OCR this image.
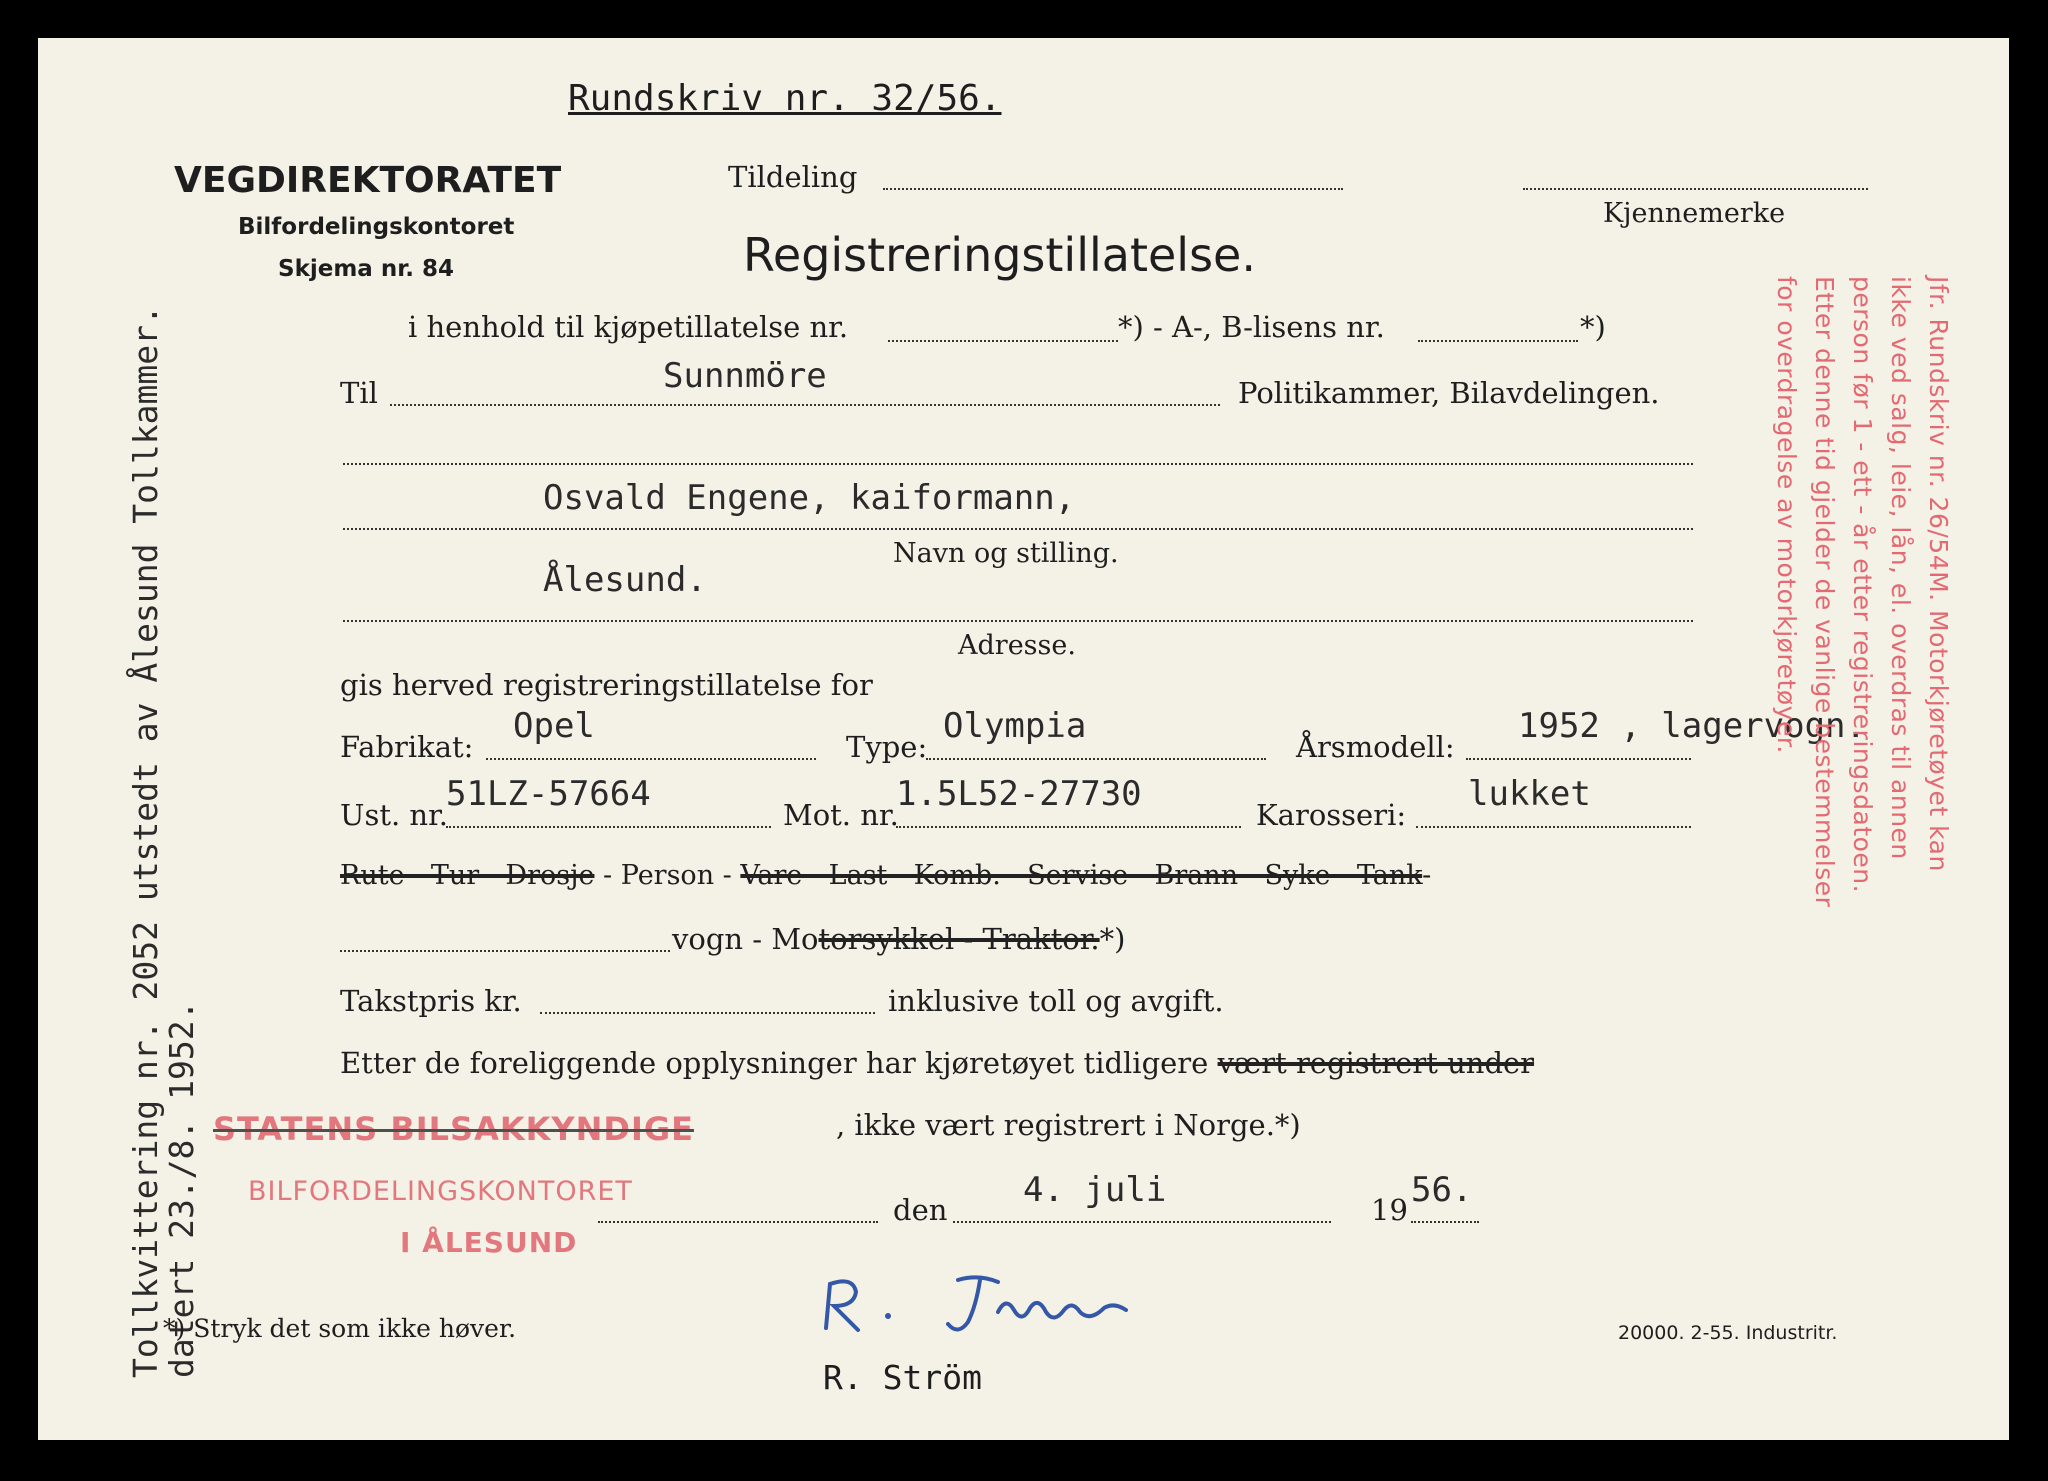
Tollkvittering nr. 2052 utstedt av Ålesund Tollkammer.
datert 23./8. 1952.
Rundskriv nr. 32/56.
VEGDIREKTORATET
Bilfordelingskontoret
Skjema nr. 84
Tildeling
Kjennemerke
Registreringstillatelse.
i henhold til kjøpetillatelse nr.	*) - A-, B-lisens nr.	*)
Til	Sunnmöre	Politikammer, Bilavdelingen.
Osvald Engene, kaiformann,
Navn og stilling.
Ålesund.
Adresse.
gis herved registreringstillatelse for
Fabrikat:
Opel
Type:
Olympia
Årsmodell:
1952 , lagervogn.
Ust. nr.
51LZ-57664
Mot. nr.
1.5L52-27730
Karosseri:
lukket
Rute - Tur - Drosje - Person - Vare - Last - Komb. - Servise - Brann - Syke - Tank-
vogn - Motorsykkel - Traktor.*)
Takstpris kr.	inklusive toll og avgift.
Etter de foreliggende opplysninger har kjøretøyet tidligere vært registrert under
STATENS BILSAKKYNDIGE	, ikke vært registrert i Norge.*)
BILFORDELINGSKONTORET
I ÅLESUND
den 4. juli	19 56.
*) Stryk det som ikke høver.	20000. 2-55. Industritr.
R. Ström
Jfr. Rundskriv nr. 26/54M. Motorkjøretøyet kan
ikke ved salg, leie, lån, el. overdras til annen
person før 1 - ett - år etter registreringsdatoen.
Etter denne tid gjelder de vanlige bestemmelser
for overdragelse av motorkjøretøyer.
